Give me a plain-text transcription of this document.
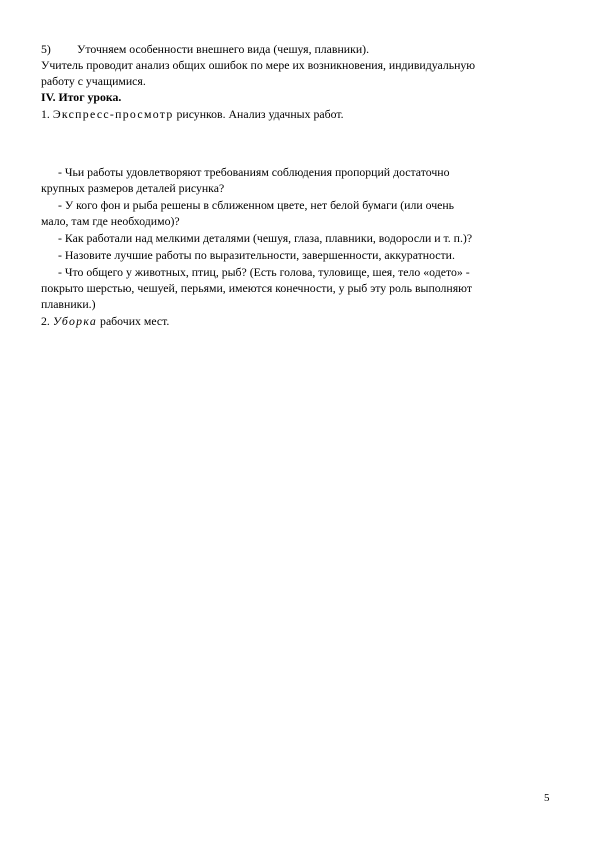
5) Уточняем особенности внешнего вида (чешуя, плавники).
Учитель проводит анализ общих ошибок по мере их возникновения, индивидуальную
работу с учащимися.
IV. Итог урока.
1. Экспресс-просмотр рисунков. Анализ удачных работ.
- Чьи работы удовлетворяют требованиям соблюдения пропорций достаточно
крупных размеров деталей рисунка?
- У кого фон и рыба решены в сближенном цвете, нет белой бумаги (или очень
мало, там где необходимо)?
- Как работали над мелкими деталями (чешуя, глаза, плавники, водоросли и т. п.)?
- Назовите лучшие работы по выразительности, завершенности, аккуратности.
- Что общего у животных, птиц, рыб? (Есть голова, туловище, шея, тело «одето» -
покрыто шерстью, чешуей, перьями, имеются конечности, у рыб эту роль выполняют
плавники.)
2. Уборка рабочих мест.
5
